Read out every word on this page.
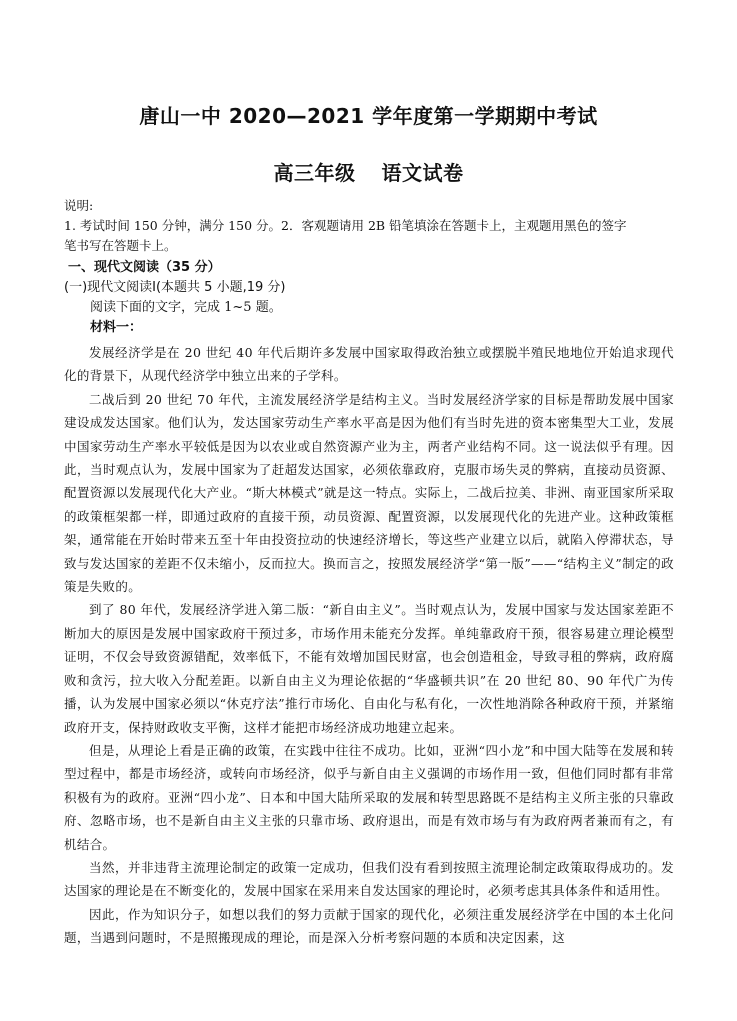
唐山一中 2020—2021 学年度第一学期期中考试
高三年级 语文试卷

说明:

1. 考试时间 150 分钟，满分 150 分。2．客观题请用 2B 铅笔填涂在答题卡上，主观题用黑色的签字

笔书写在答题卡上。

一、现代文阅读（35 分）

(一)现代文阅读Ⅰ(本题共 5 小题,19 分)

阅读下面的文字，完成 1~5 题。

材料一：

发展经济学是在 20 世纪 40 年代后期许多发展中国家取得政治独立或摆脱半殖民地地位开始追求现代化的背景下，从现代经济学中独立出来的子学科。

二战后到 20 世纪 70 年代，主流发展经济学是结构主义。当时发展经济学家的目标是帮助发展中国家建设成发达国家。他们认为，发达国家劳动生产率水平高是因为他们有当时先进的资本密集型大工业，发展中国家劳动生产率水平较低是因为以农业或自然资源产业为主，两者产业结构不同。这一说法似乎有理。因此，当时观点认为，发展中国家为了赶超发达国家，必须依靠政府，克服市场失灵的弊病，直接动员资源、配置资源以发展现代化大产业。“斯大林模式”就是这一特点。实际上，二战后拉美、非洲、南亚国家所采取的政策框架都一样，即通过政府的直接干预，动员资源、配置资源，以发展现代化的先进产业。这种政策框架，通常能在开始时带来五至十年由投资拉动的快速经济增长，等这些产业建立以后，就陷入停滞状态，导致与发达国家的差距不仅未缩小，反而拉大。换而言之，按照发展经济学“第一版”——“结构主义”制定的政策是失败的。

到了 80 年代，发展经济学进入第二版：“新自由主义”。当时观点认为，发展中国家与发达国家差距不断加大的原因是发展中国家政府干预过多，市场作用未能充分发挥。单纯靠政府干预，很容易建立理论模型证明，不仅会导致资源错配，效率低下，不能有效增加国民财富，也会创造租金，导致寻租的弊病，政府腐败和贪污，拉大收入分配差距。以新自由主义为理论依据的“华盛顿共识”在 20 世纪 80、90 年代广为传播，认为发展中国家必须以“休克疗法”推行市场化、自由化与私有化，一次性地消除各种政府干预，并紧缩政府开支，保持财政收支平衡，这样才能把市场经济成功地建立起来。

但是，从理论上看是正确的政策，在实践中往往不成功。比如，亚洲“四小龙”和中国大陆等在发展和转型过程中，都是市场经济，或转向市场经济，似乎与新自由主义强调的市场作用一致，但他们同时都有非常积极有为的政府。亚洲“四小龙”、日本和中国大陆所采取的发展和转型思路既不是结构主义所主张的只靠政府、忽略市场，也不是新自由主义主张的只靠市场、政府退出，而是有效市场与有为政府两者兼而有之，有机结合。

当然，并非违背主流理论制定的政策一定成功，但我们没有看到按照主流理论制定政策取得成功的。发达国家的理论是在不断变化的，发展中国家在采用来自发达国家的理论时，必须考虑其具体条件和适用性。

因此，作为知识分子，如想以我们的努力贡献于国家的现代化，必须注重发展经济学在中国的本土化问题，当遇到问题时，不是照搬现成的理论，而是深入分析考察问题的本质和决定因素，这
